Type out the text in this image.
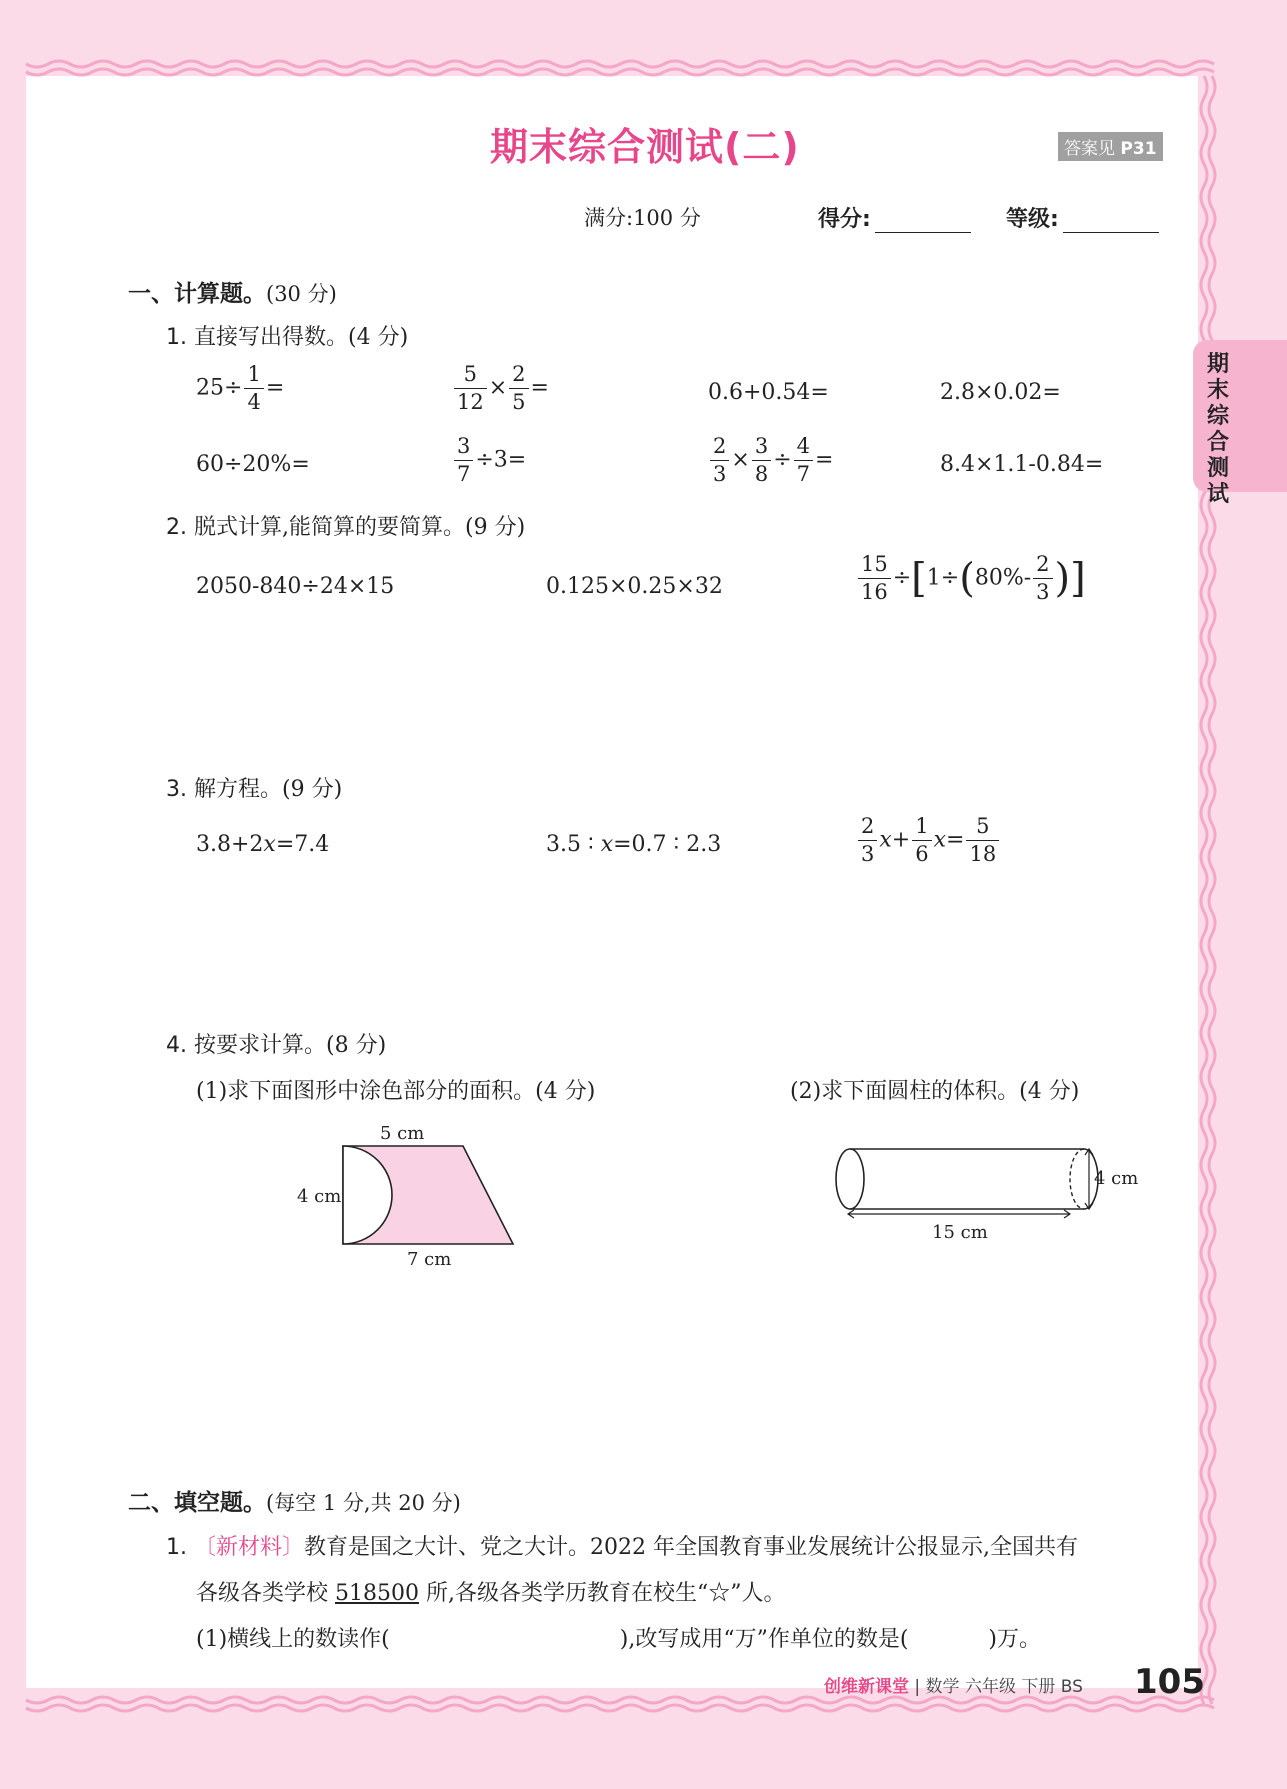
期末综合测试(二)	答案见 P31
满分:100 分	得分:	等级:
期末综合测试
一、计算题。(30 分)
1. 直接写出得数。(4 分)
$25\div \frac{1}{4}$ =	$\frac{5}{12} \times \frac{2}{5}$ =	0.6+0.54=	2.8×0.02=
60÷20%=	$\frac{3}{7} \div 3=$	$\frac{2}{3} \times \frac{3}{8} \div \frac{4}{7}$ =	8.4×1.1-0.84=
2. 脱式计算,能简算的要简算。(9 分)
2050-840÷24×15	0.125×0.25×32	$\frac{15}{16} \div[1\div(80\%- \frac{2}{3}$ )]
3. 解方程。(9 分)
3.8+2x=7.4	3.5 ∶ x=0.7 ∶ 2.3	$\frac{2}{3} x+ \frac{1}{6} x= \frac{5}{18}$
4. 按要求计算。(8 分)
(1)求下面图形中涂色部分的面积。(4 分)	(2)求下面圆柱的体积。(4 分)
5 cm
4 cm
7 cm
4 cm
15 cm
二、填空题。(每空 1 分,共 20 分)
1. 〔新材料〕教育是国之大计、党之大计。2022 年全国教育事业发展统计公报显示,全国共有
各级各类学校 518500 所,各级各类学历教育在校生“☆”人。
(1)横线上的数读作(	),改写成用“万”作单位的数是(	)万。
创维新课堂 | 数学 六年级 下册 BS 105
